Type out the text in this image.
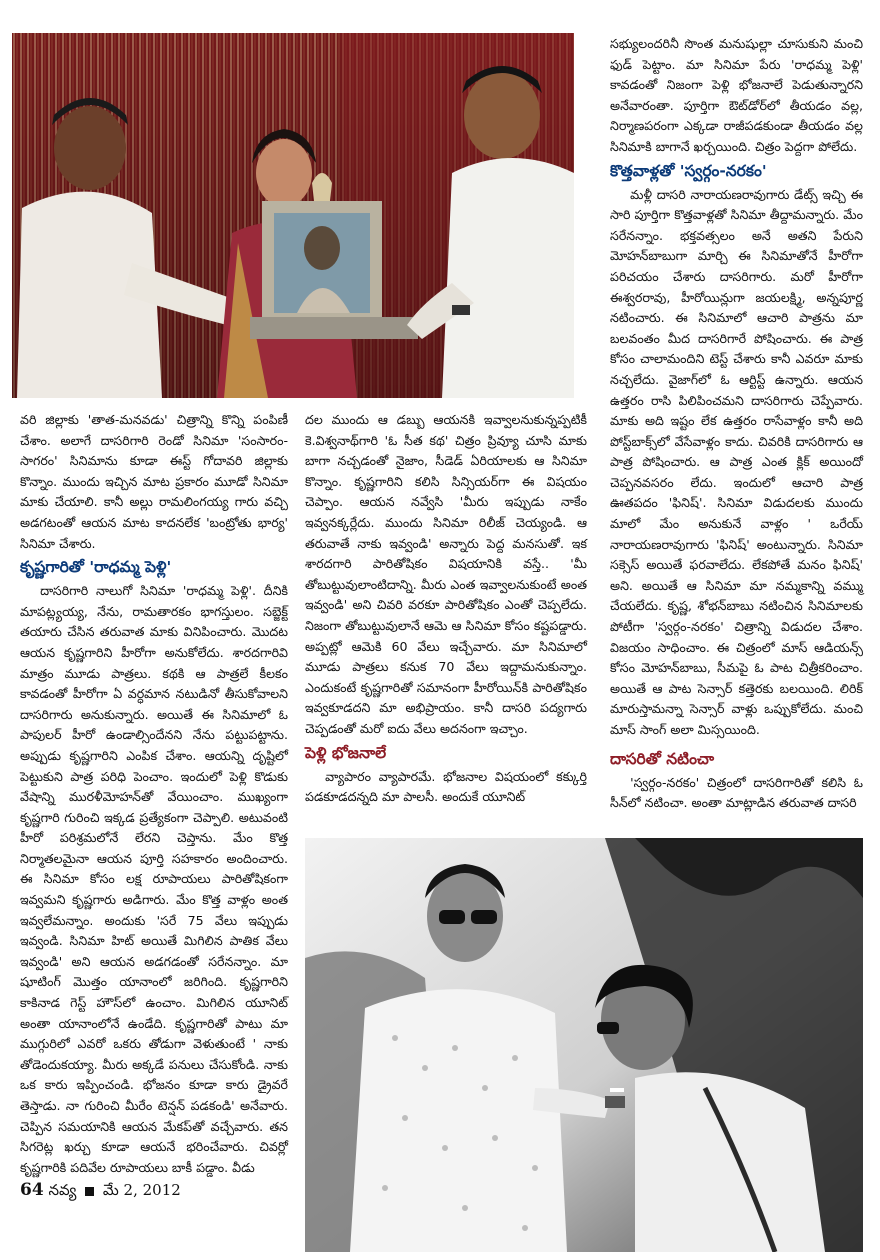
సభ్యులందరినీ సొంత మనుషుల్లా చూసుకుని మంచి ఫుడ్ పెట్టాం. మా సినిమా పేరు 'రాధమ్మ పెళ్లి' కావడంతో నిజంగా పెళ్లి భోజనాలే పెడుతున్నారని అనేవారంతా. పూర్తిగా ఔట్‌డోర్‌లో తీయడం వల్ల, నిర్మాణపరంగా ఎక్కడా రాజీపడకుండా తీయడం వల్ల సినిమాకి బాగానే ఖర్చయింది. చిత్రం పెద్దగా పోలేదు.

కొత్తవాళ్లతో 'స్వర్గం-నరకం'

మళ్లీ దాసరి నారాయణరావుగారు డేట్స్ ఇచ్చి ఈ సారి పూర్తిగా కొత్తవాళ్లతో సినిమా తీద్దామన్నారు. మేం సరేనన్నాం. భక్తవత్సలం అనే అతని పేరుని మోహన్‌బాబుగా మార్చి ఈ సినిమాతోనే హీరోగా పరిచయం చేశారు దాసరిగారు. మరో హీరోగా ఈశ్వరరావు, హీరోయిన్లుగా జయలక్ష్మి, అన్నపూర్ణ నటించారు. ఈ సినిమాలో ఆచారి పాత్రను మా బలవంతం మీద దాసరిగారే పోషించారు. ఈ పాత్ర కోసం చాలామందిని టెస్ట్ చేశారు కానీ ఎవరూ మాకు నచ్చలేదు. వైజాగ్‌లో ఓ ఆర్టిస్ట్ ఉన్నారు. ఆయన ఉత్తరం రాసి పిలిపించమని దాసరిగారు చెప్పేవారు. మాకు అది ఇష్టం లేక ఉత్తరం రాసేవాళ్లం కానీ అది పోస్ట్‌బాక్స్‌లో వేసేవాళ్లం కాదు. చివరికి దాసరిగారు ఆ పాత్ర పోషించారు. ఆ పాత్ర ఎంత క్లిక్ అయిందో చెప్పనవసరం లేదు. ఇందులో ఆచారి పాత్ర ఊతపదం 'ఫినిష్'. సినిమా విడుదలకు ముందు మాలో మేం అనుకునే వాళ్లం ' ఒరేయ్ నారాయణరావుగారు 'ఫినిష్' అంటున్నారు. సినిమా సక్సెస్ అయితే ఫరవాలేదు. లేకపోతే మనం ఫినిష్' అని. అయితే ఆ సినిమా మా నమ్మకాన్ని వమ్ము చేయలేదు. కృష్ణ, శోభన్‌బాబు నటించిన సినిమాలకు పోటీగా 'స్వర్గం-నరకం' చిత్రాన్ని విడుదల చేశాం. విజయం సాధించాం. ఈ చిత్రంలో మాస్ ఆడియన్స్ కోసం మోహన్‌బాబు, సీమపై ఓ పాట చిత్రీకరించాం. అయితే ఆ పాట సెన్సార్ కత్తెరకు బలయింది. లిరిక్ మారుస్తామన్నా సెన్సార్ వాళ్లు ఒప్పుకోలేదు. మంచి మాస్ సాంగ్ అలా మిస్సయింది.

దాసరితో నటించా

'స్వర్గం-నరకం' చిత్రంలో దాసరిగారితో కలిసి ఓ సీన్‌లో నటించా. అంతా మాట్లాడిన తరువాత దాసరి

వరి జిల్లాకు 'తాత-మనవడు' చిత్రాన్ని కొన్ని పంపిణీ చేశాం. అలాగే దాసరిగారి రెండో సినిమా 'సంసారం-సాగరం' సినిమాను కూడా ఈస్ట్ గోదావరి జిల్లాకు కొన్నాం. ముందు ఇచ్చిన మాట ప్రకారం మూడో సినిమా మాకు చేయాలి. కానీ అల్లు రామలింగయ్య గారు వచ్చి అడగటంతో ఆయన మాట కాదనలేక 'బంట్రోతు భార్య' సినిమా చేశారు.

కృష్ణగారితో 'రాధమ్మ పెళ్లి'

దాసరిగారి నాలుగో సినిమా 'రాధమ్మ పెళ్లి'. దీనికి మాపట్ల్యయ్య, నేను, రామతారకం భాగస్తులం. సబ్జెక్ట్ తయారు చేసిన తరువాత మాకు వినిపించారు. మొదట ఆయన కృష్ణగారిని హీరోగా అనుకోలేదు. శారదగారివి మాత్రం మూడు పాత్రలు. కథకి ఆ పాత్రలే కీలకం కావడంతో హీరోగా ఏ వర్ధమాన నటుడినో తీసుకోవాలని దాసరిగారు అనుకున్నారు. అయితే ఈ సినిమాలో ఓ పాపులర్ హీరో ఉండాల్సిందేనని నేను పట్టుపట్టాను. అప్పుడు కృష్ణగారిని ఎంపిక చేశాం. ఆయన్ని దృష్టిలో పెట్టుకుని పాత్ర పరిధి పెంచాం. ఇందులో పెళ్లి కొడుకు వేషాన్ని మురళీమోహన్‌తో వేయించాం. ముఖ్యంగా కృష్ణగారి గురించి ఇక్కడ ప్రత్యేకంగా చెప్పాలి. అటువంటి హీరో పరిశ్రమలోనే లేరని చెప్తాను. మేం కొత్త నిర్మాతలమైనా ఆయన పూర్తి సహకారం అందించారు. ఈ సినిమా కోసం లక్ష రూపాయలు పారితోషికంగా ఇవ్వమని కృష్ణగారు అడిగారు. మేం కొత్త వాళ్లం అంత ఇవ్వలేమన్నాం. అందుకు 'సరే 75 వేలు ఇప్పుడు ఇవ్వండి. సినిమా హిట్ అయితే మిగిలిన పాతిక వేలు ఇవ్వండి' అని ఆయన అడగడంతో సరేనన్నాం. మా షూటింగ్ మొత్తం యానాంలో జరిగింది. కృష్ణగారిని కాకినాడ గెస్ట్ హౌస్‌లో ఉంచాం. మిగిలిన యూనిట్ అంతా యానాంలోనే ఉండేది. కృష్ణగారితో పాటు మా ముగ్గురిలో ఎవరో ఒకరు తోడుగా వెళుతుంటే ' నాకు తోడెందుకయ్యా. మీరు అక్కడే పనులు చేసుకోండి. నాకు ఒక కారు ఇప్పించండి. భోజనం కూడా కారు డ్రైవరే తెస్తాడు. నా గురించి మీరేం టెన్షన్ పడకండి' అనేవారు. చెప్పిన సమయానికి ఆయన మేకప్‌తో వచ్చేవారు. తన సిగరెట్ల ఖర్చు కూడా ఆయనే భరించేవారు. చివర్లో కృష్ణగారికి పదివేల రూపాయలు బాకీ పడ్డాం. వీడు

దల ముందు ఆ డబ్బు ఆయనకి ఇవ్వాలనుకున్నప్పటికీ కె.విశ్వనాథ్‌గారి 'ఓ సీత కథ' చిత్రం ప్రివ్యూ చూసి మాకు బాగా నచ్చడంతో నైజాం, సీడెడ్ ఏరియాలకు ఆ సినిమా కొన్నాం. కృష్ణగారిని కలిసి సిన్సియర్‌గా ఈ విషయం చెప్పాం. ఆయన నవ్వేసి 'మీరు ఇప్పుడు నాకేం ఇవ్వనక్కర్లేదు. ముందు సినిమా రిలీజ్ చెయ్యండి. ఆ తరువాతే నాకు ఇవ్వండి' అన్నారు పెద్ద మనసుతో. ఇక శారదగారి పారితోషికం విషయానికి వస్తే.. 'మీ తోబుట్టువులాంటిదాన్ని. మీరు ఎంత ఇవ్వాలనుకుంటే అంత ఇవ్వండి' అని చివరి వరకూ పారితోషికం ఎంతో చెప్పలేదు. నిజంగా తోబుట్టువులానే ఆమె ఆ సినిమా కోసం కష్టపడ్డారు. అప్పట్లో ఆమెకి 60 వేలు ఇచ్చేవారు. మా సినిమాలో మూడు పాత్రలు కనుక 70 వేలు ఇద్దామనుకున్నాం. ఎందుకంటే కృష్ణగారితో సమానంగా హీరోయిన్‌కి పారితోషికం ఇవ్వకూడదని మా అభిప్రాయం. కానీ దాసరి పద్యగారు చెప్పడంతో మరో ఐదు వేలు అదనంగా ఇచ్చాం.

పెళ్లి భోజనాలే

వ్యాపారం వ్యాపారమే. భోజనాల విషయంలో కక్కుర్తి పడకూడదన్నది మా పాలసీ. అందుకే యూనిట్

64 నవ్య మే 2, 2012
